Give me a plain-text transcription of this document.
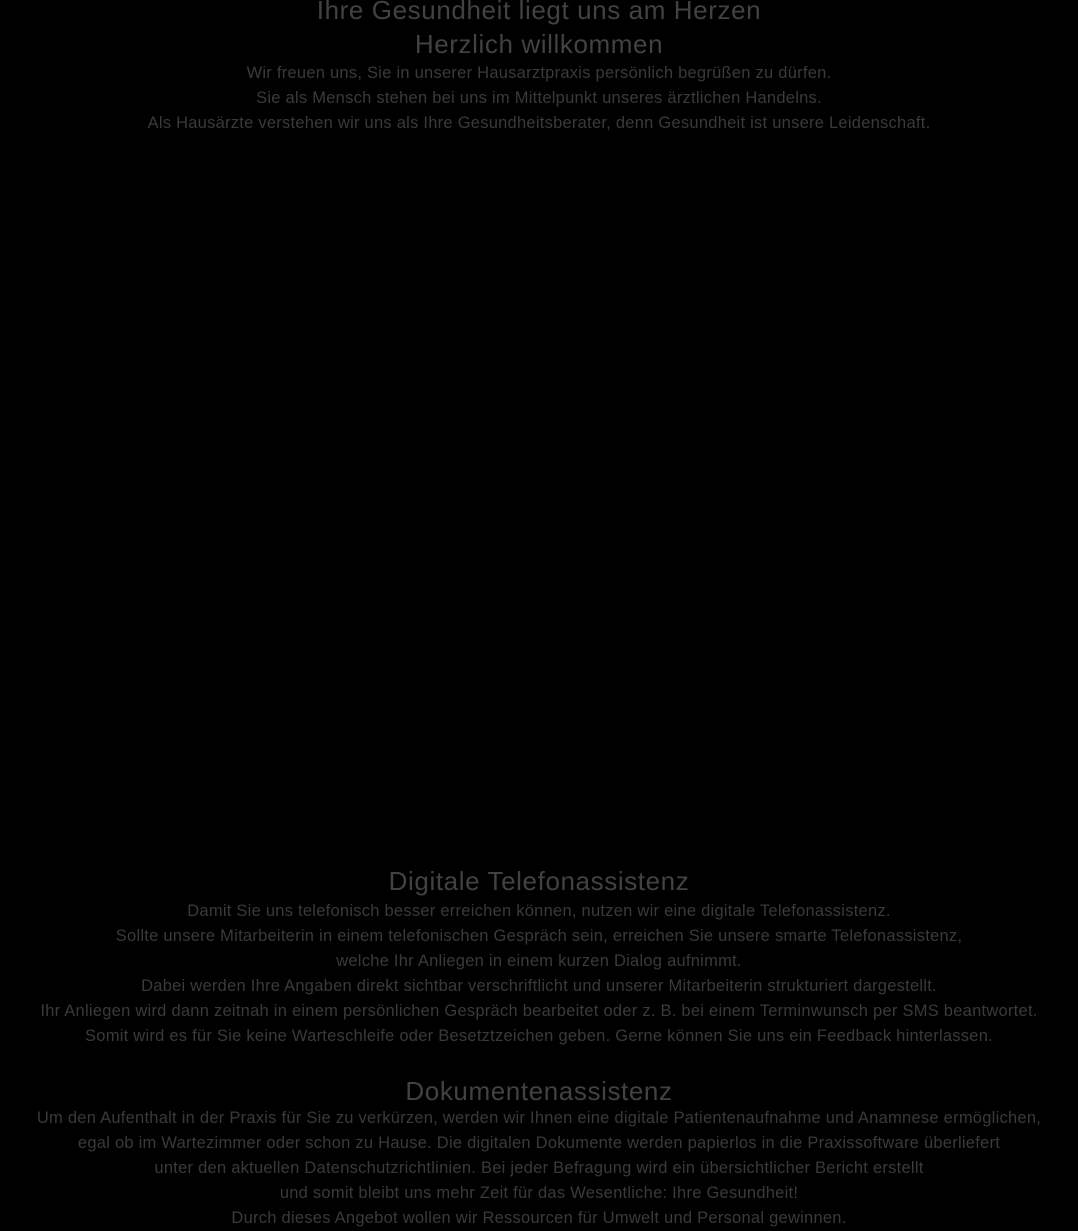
Ihre Gesundheit liegt uns am Herzen
Herzlich willkommen
Wir freuen uns, Sie in unserer Hausarztpraxis persönlich begrüßen zu dürfen.
Sie als Mensch stehen bei uns im Mittelpunkt unseres ärztlichen Handelns.
Als Hausärzte verstehen wir uns als Ihre Gesundheitsberater, denn Gesundheit ist unsere Leidenschaft.
Digitale Telefonassistenz
Damit Sie uns telefonisch besser erreichen können, nutzen wir eine digitale Telefonassistenz.
Sollte unsere Mitarbeiterin in einem telefonischen Gespräch sein, erreichen Sie unsere smarte Telefonassistenz,
welche Ihr Anliegen in einem kurzen Dialog aufnimmt.
Dabei werden Ihre Angaben direkt sichtbar verschriftlicht und unserer Mitarbeiterin strukturiert dargestellt.
Ihr Anliegen wird dann zeitnah in einem persönlichen Gespräch bearbeitet oder z. B. bei einem Terminwunsch per SMS beantwortet.
Somit wird es für Sie keine Warteschleife oder Besetztzeichen geben. Gerne können Sie uns ein Feedback hinterlassen.
Dokumentenassistenz
Um den Aufenthalt in der Praxis für Sie zu verkürzen, werden wir Ihnen eine digitale Patientenaufnahme und Anamnese ermöglichen,
egal ob im Wartezimmer oder schon zu Hause. Die digitalen Dokumente werden papierlos in die Praxissoftware überliefert
unter den aktuellen Datenschutzrichtlinien. Bei jeder Befragung wird ein übersichtlicher Bericht erstellt
und somit bleibt uns mehr Zeit für das Wesentliche: Ihre Gesundheit!
Durch dieses Angebot wollen wir Ressourcen für Umwelt und Personal gewinnen.
